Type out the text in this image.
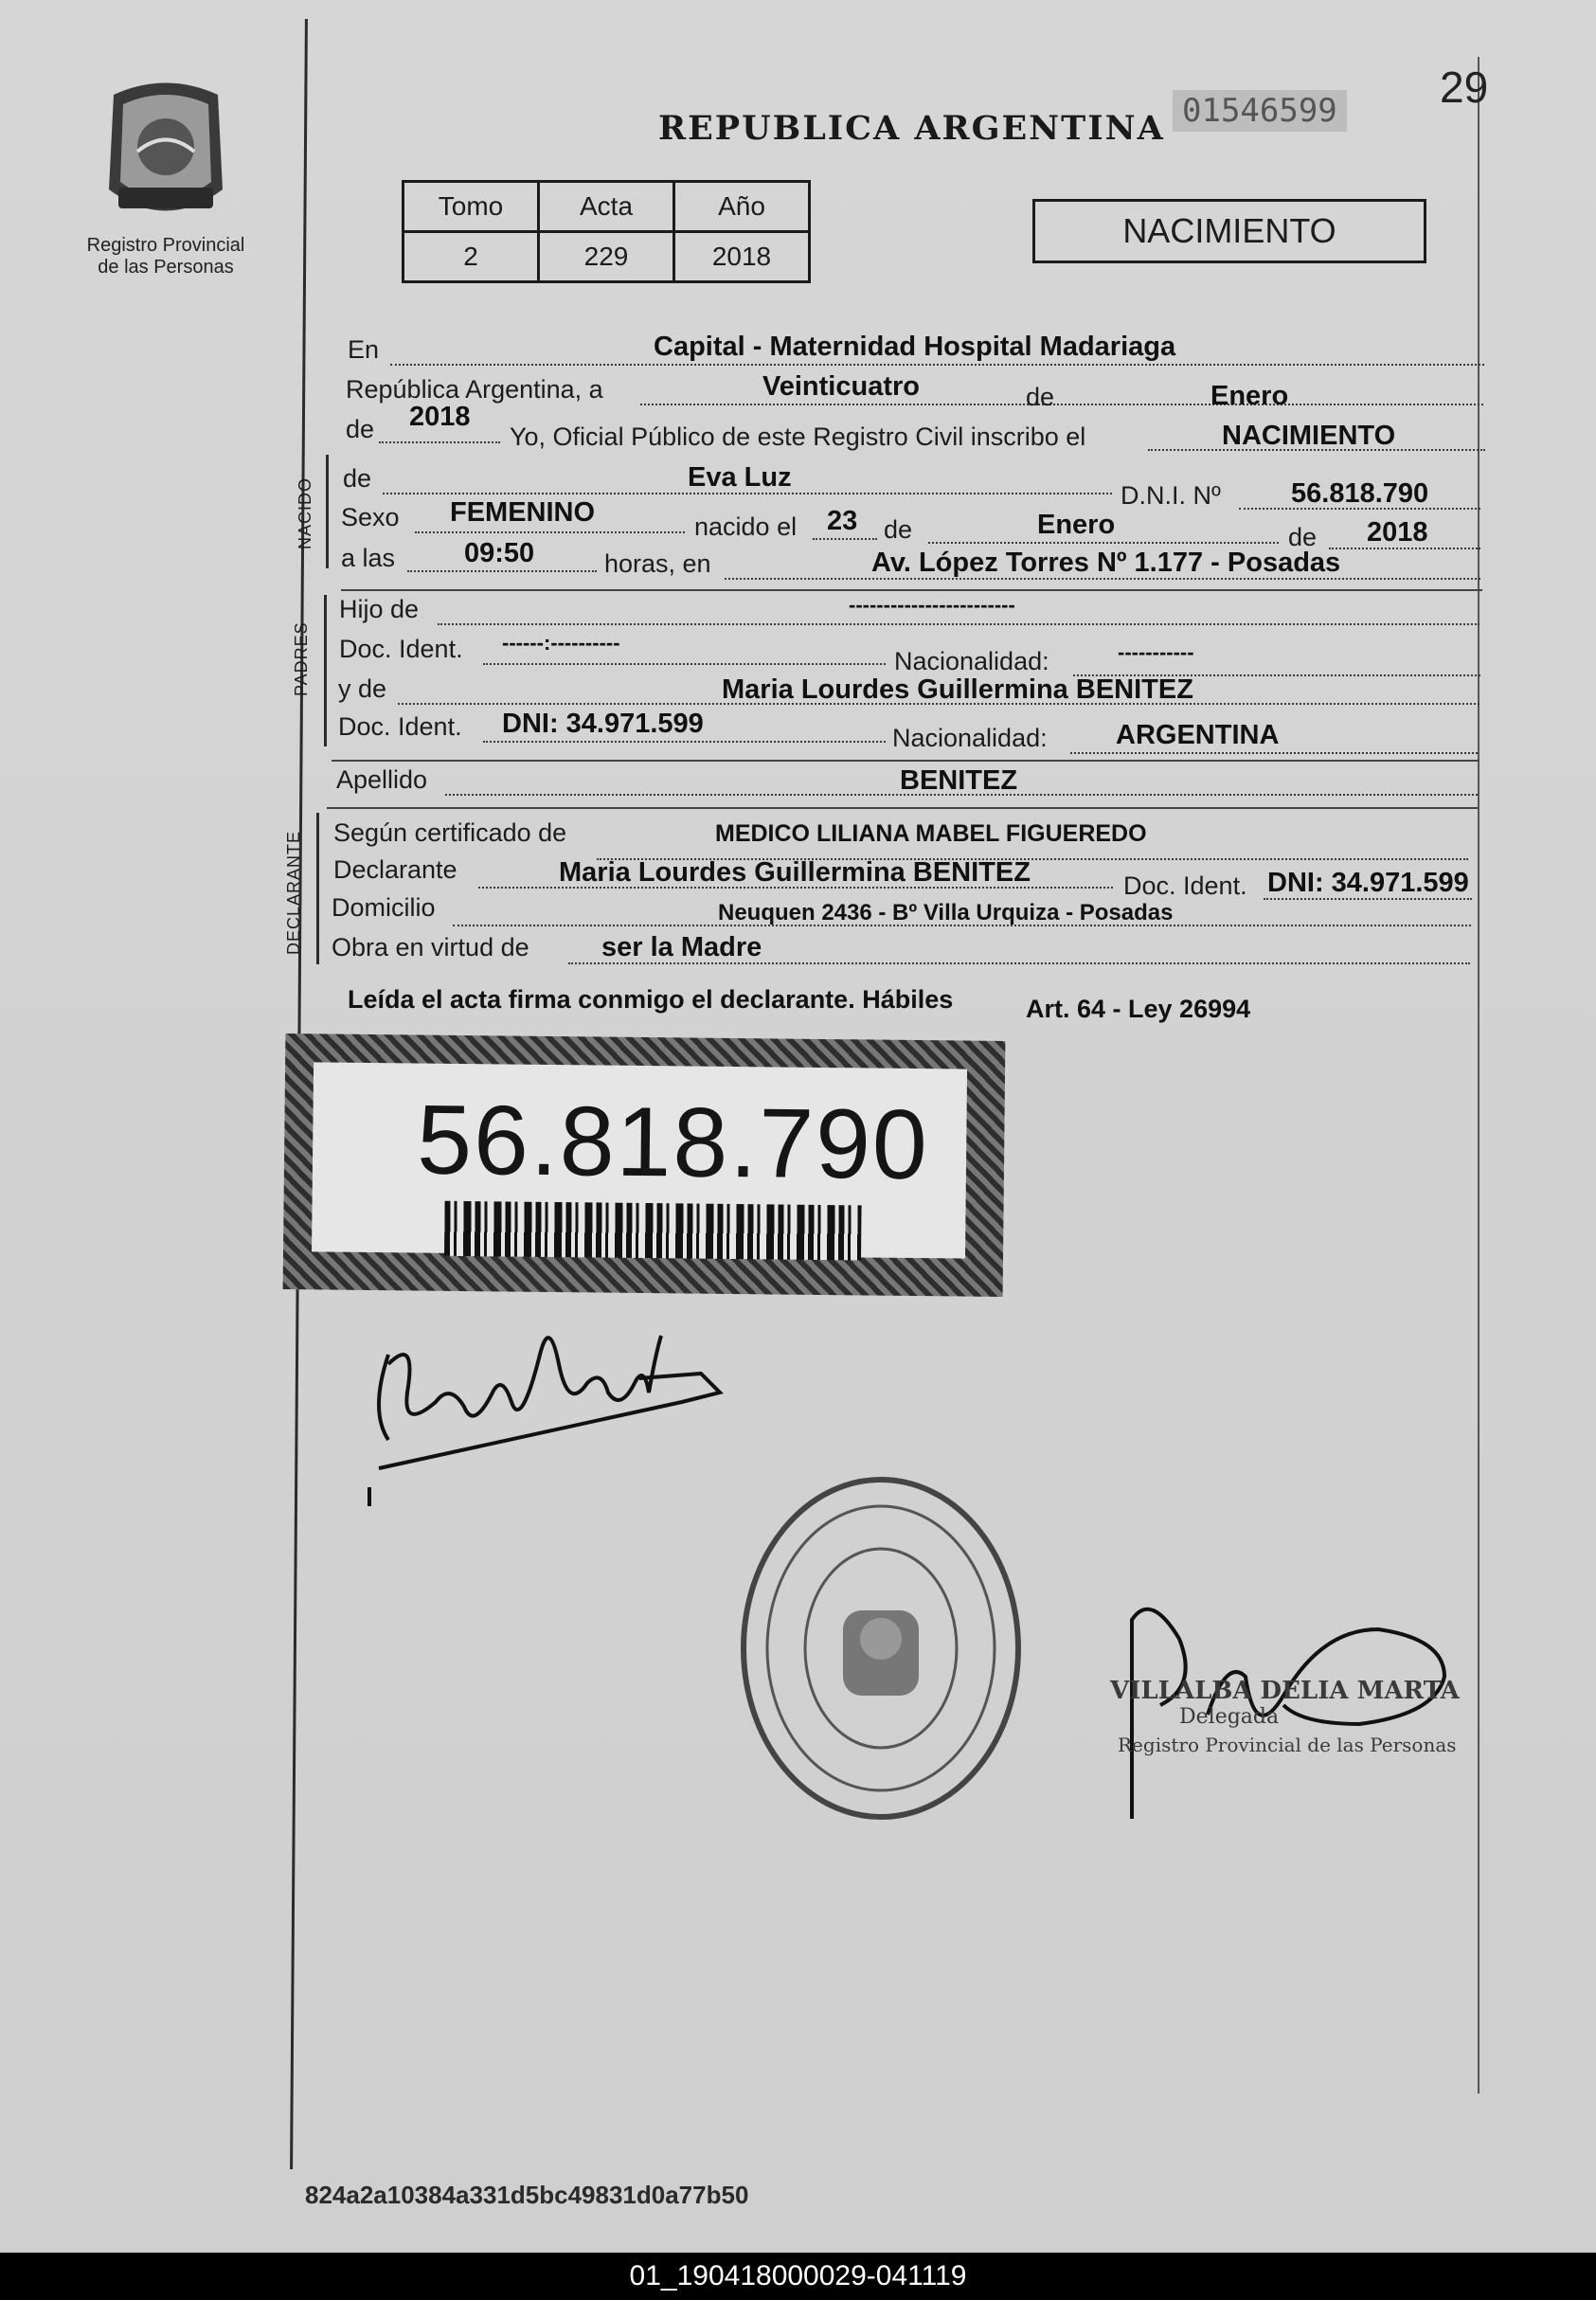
Registro Provincial
de las Personas
REPUBLICA ARGENTINA 01546599 29
Tomo	Acta	Año
2	229	2018
NACIMIENTO
En	Capital - Maternidad Hospital Madariaga
República Argentina, a	Veinticuatro	de	Enero
de 2018
Yo, Oficial Público de este Registro Civil inscribo el	NACIMIENTO
NACIDO de	Eva Luz
D.N.I. Nº	56.818.790
Sexo FEMENINO	nacido el 23 de	Enero	de 2018
a las	09:50	horas, en	Av. López Torres Nº 1.177 - Posadas
PADRES
Hijo de	------------------------
Doc. Ident. ------:----------
Nacionalidad:	-----------
y de	Maria Lourdes Guillermina BENITEZ
Doc. Ident. DNI: 34.971.599	Nacionalidad: ARGENTINA
Apellido	BENITEZ
DECLARANTE Según certificado de	MEDICO LILIANA MABEL FIGUEREDO
Declarante	Maria Lourdes Guillermina BENITEZ	Doc. Ident. DNI: 34.971.599
Domicilio	Neuquen 2436 - Bº Villa Urquiza - Posadas
Obra en virtud de	ser la Madre
Leída el acta firma conmigo el declarante. Hábiles	Art. 64 - Ley 26994
56.818.790
VILLALBA DELIA MARTA
Delegada
Registro Provincial de las Personas
824a2a10384a331d5bc49831d0a77b50
01_190418000029-041119
